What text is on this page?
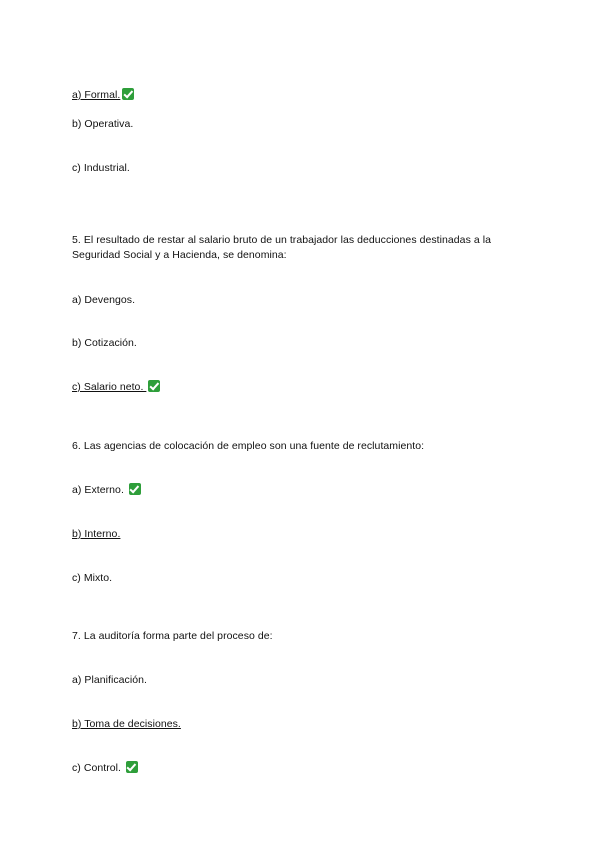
a) Formal.
b) Operativa.
c) Industrial.
5. El resultado de restar al salario bruto de un trabajador las deducciones destinadas a la Seguridad Social y a Hacienda, se denomina:
a) Devengos.
b) Cotización.
c) Salario neto.
6. Las agencias de colocación de empleo son una fuente de reclutamiento:
a) Externo.
b) Interno.
c) Mixto.
7. La auditoría forma parte del proceso de:
a) Planificación.
b) Toma de decisiones.
c) Control.
